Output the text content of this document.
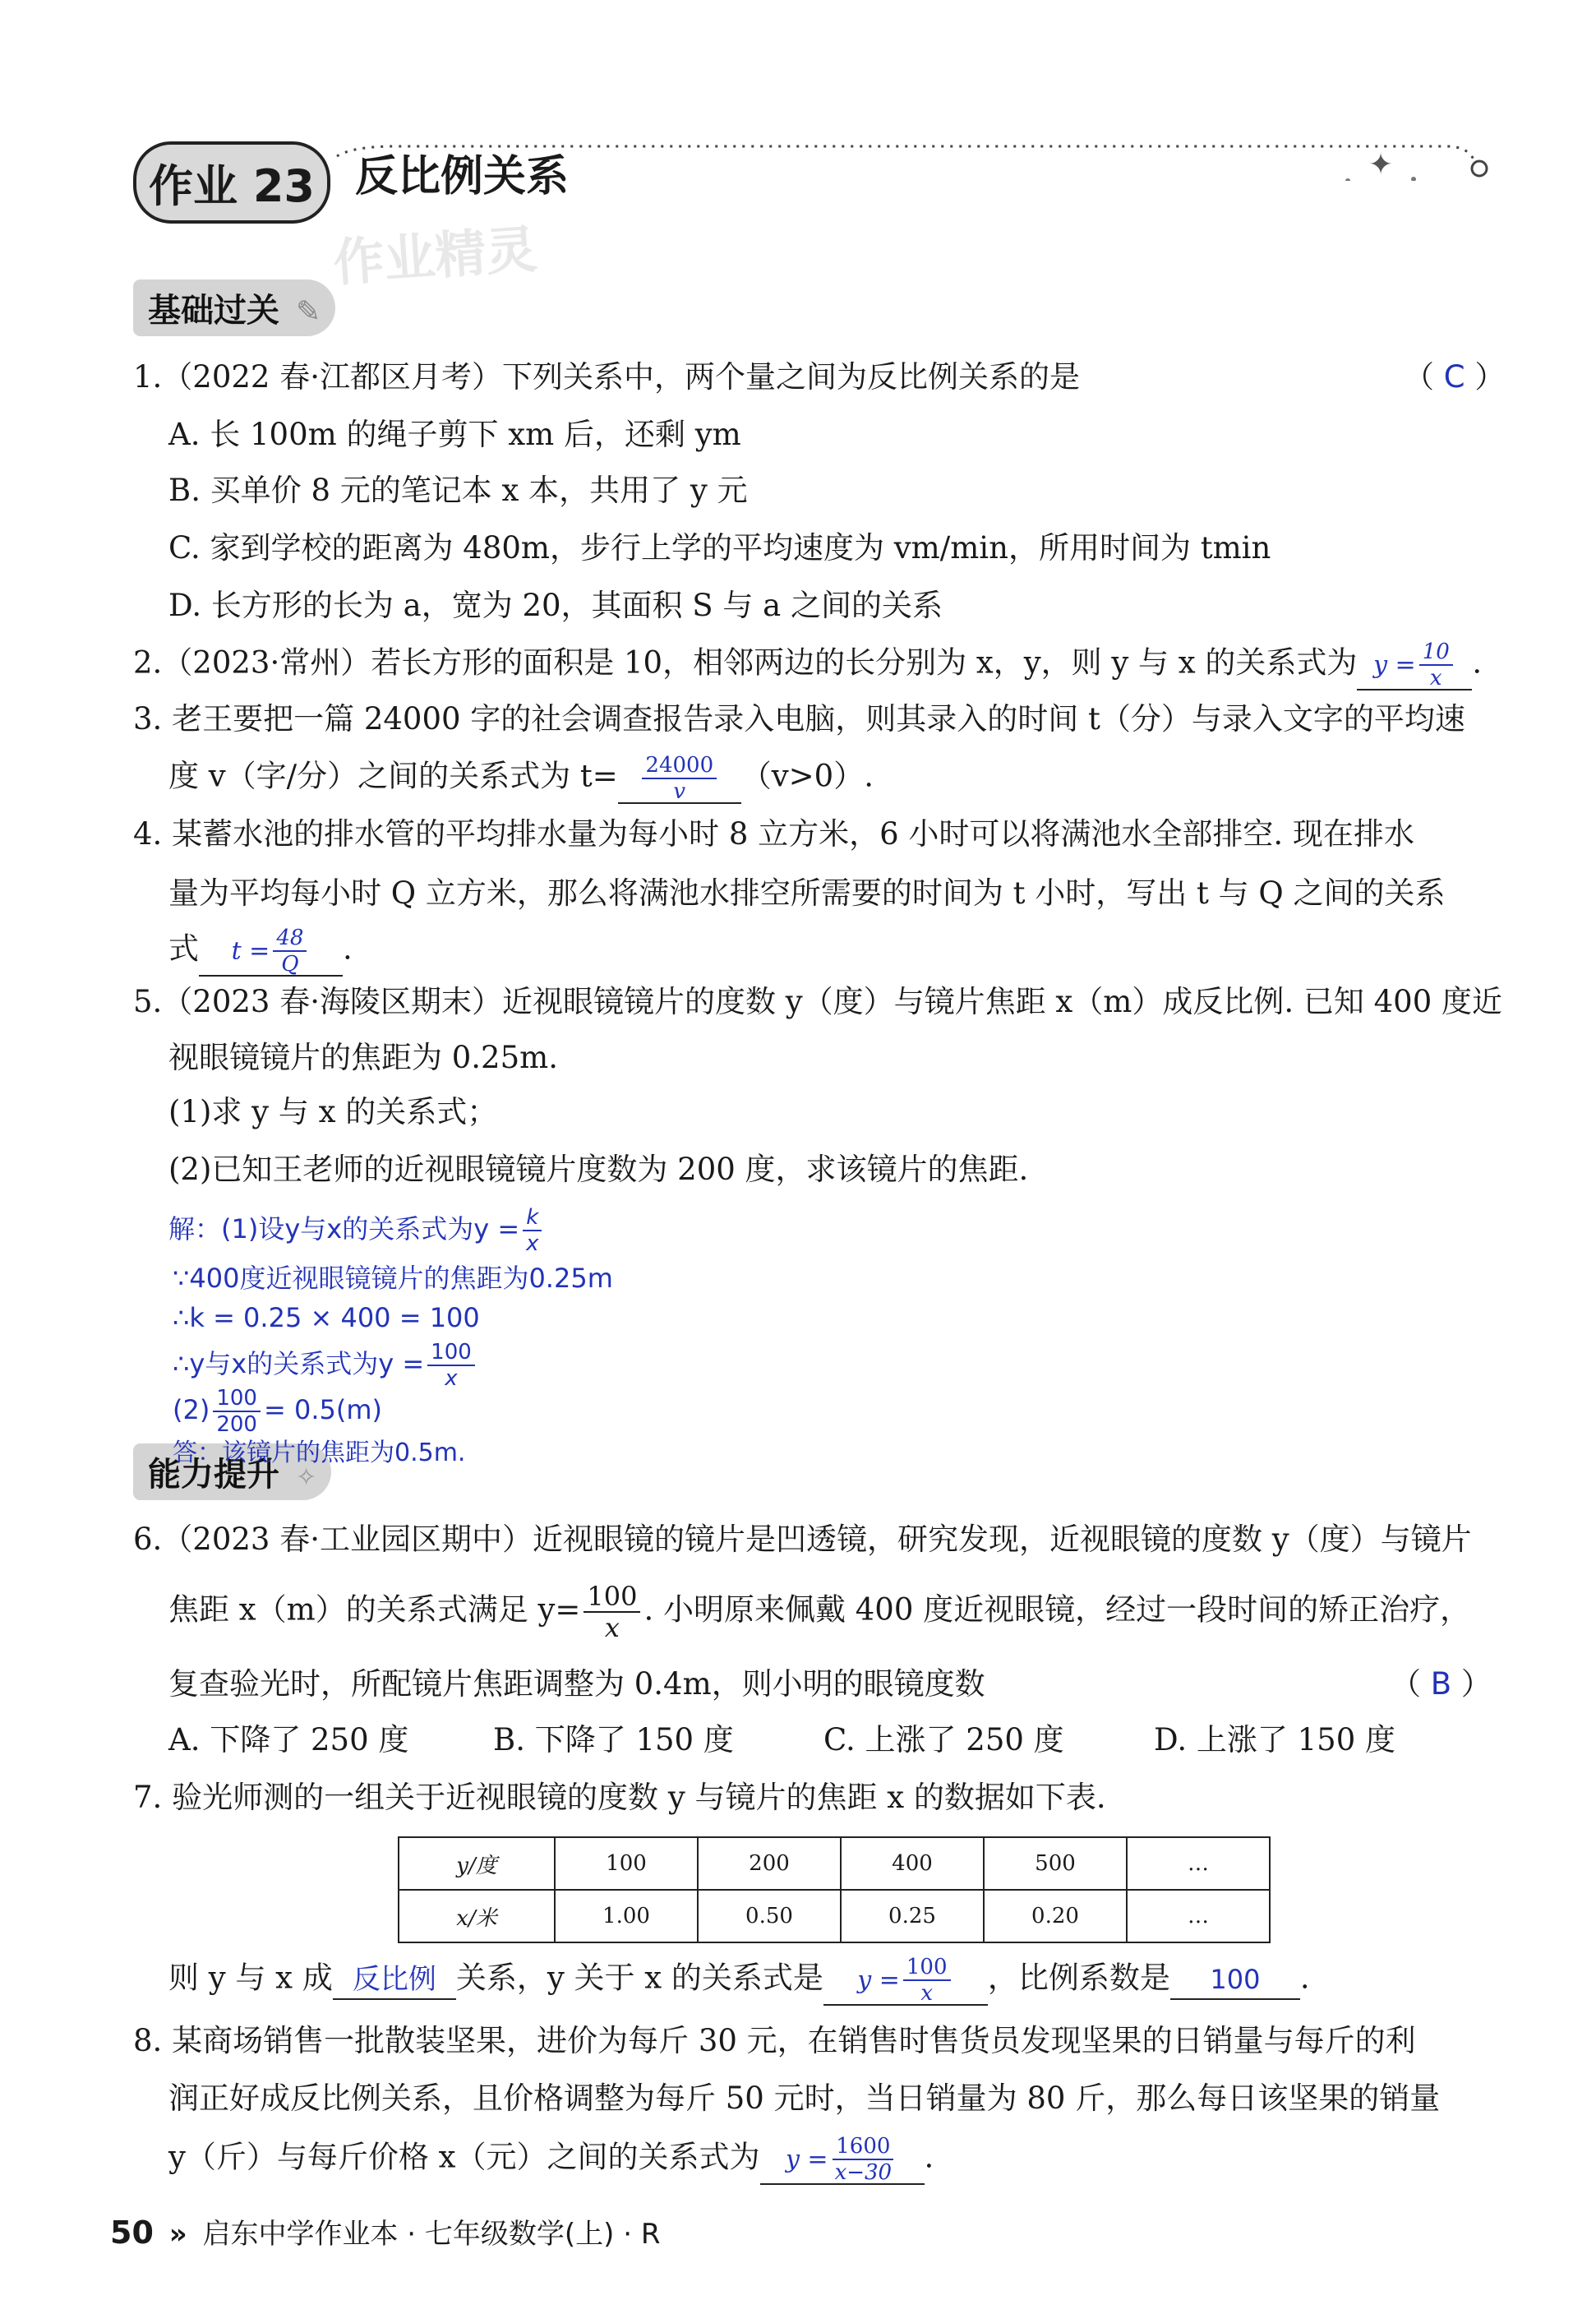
作业 23 反比例关系	✦
作业精灵
基础过关 ✎
1.（2022 春·江都区月考）下列关系中，两个量之间为反比例关系的是	（ C ）
A. 长 100m 的绳子剪下 xm 后，还剩 ym
B. 买单价 8 元的笔记本 x 本，共用了 y 元
C. 家到学校的距离为 480m，步行上学的平均速度为 vm/min，所用时间为 tmin
D. 长方形的长为 a，宽为 20，其面积 S 与 a 之间的关系
2.（2023·常州）若长方形的面积是 10，相邻两边的长分别为 x，y，则 y 与 x 的关系式为 $y = \frac{10}{x}$ .
3. 老王要把一篇 24000 字的社会调查报告录入电脑，则其录入的时间 t（分）与录入文字的平均速
度 v（字/分）之间的关系式为 $t= \frac{24000}{v} (v>0)$.
4. 某蓄水池的排水管的平均排水量为每小时 8 立方米，6 小时可以将满池水全部排空. 现在排水
量为平均每小时 Q 立方米，那么将满池水排空所需要的时间为 t 小时，写出 t 与 Q 之间的关系
式 $t = \frac{48}{Q}$ .
5.（2023 春·海陵区期末）近视眼镜镜片的度数 y（度）与镜片焦距 x（m）成反比例. 已知 400 度近
视眼镜镜片的焦距为 0.25m.
(1)求 y 与 x 的关系式；
(2)已知王老师的近视眼镜镜片度数为 200 度，求该镜片的焦距.
解：(1)设y与x的关系式为$y = \frac{k}{x}$
∵400度近视眼镜镜片的焦距为0.25m
∴k = 0.25 × 400 = 100
∴y与x的关系式为$y = \frac{100}{x}$
$(2) \frac{100}{200} = 0.5(m)$
能力提升 ✧
答：该镜片的焦距为0.5m.
6.（2023 春·工业园区期中）近视眼镜的镜片是凹透镜，研究发现，近视眼镜的度数 y（度）与镜片
焦距 x（m）的关系式满足 $y= \frac{100}{x}$ . 小明原来佩戴 400 度近视眼镜，经过一段时间的矫正治疗，
复查验光时，所配镜片焦距调整为 0.4m，则小明的眼镜度数	（ B ）
A. 下降了 250 度	B. 下降了 150 度	C. 上涨了 250 度	D. 上涨了 150 度
7. 验光师测的一组关于近视眼镜的度数 y 与镜片的焦距 x 的数据如下表.
y/度	100	200	400	500	…
x/米	1.00	0.50	0.25	0.20	…
则 y 与 x 成 反比例 关系，y 关于 x 的关系式是 $y = \frac{100}{x}$ ，比例系数是 100 .
8. 某商场销售一批散装坚果，进价为每斤 30 元，在销售时售货员发现坚果的日销量与每斤的利
润正好成反比例关系，且价格调整为每斤 50 元时，当日销量为 80 斤，那么每日该坚果的销量
y（斤）与每斤价格 x（元）之间的关系式为 $y = \frac{1600}{x-30}$ .
50 » 启东中学作业本 · 七年级数学(上) · R
